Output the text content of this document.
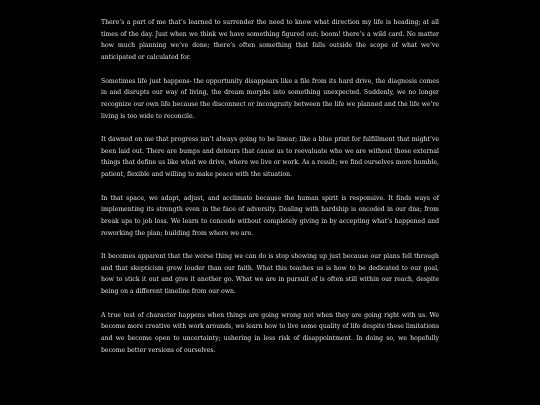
There’s a part of me that’s learned to surrender the need to know what direction my life is heading; at all times of the day. Just when we think we have something figured out; boom! there’s a wild card. No matter how much planning we’ve done; there’s often something that falls outside the scope of what we’ve anticipated or calculated for.

Sometimes life just happens- the opportunity disappears like a file from its hard drive, the diagnosis comes in and disrupts our way of living, the dream morphs into something unexpected. Suddenly, we no longer recognize our own life because the disconnect or incongruity between the life we planned and the life we’re living is too wide to reconcile.

It dawned on me that progress isn’t always going to be linear; like a blue print for fulfillment that might’ve been laid out. There are bumps and detours that cause us to reevaluate who we are without those external things that define us like what we drive, where we live or work. As a result; we find ourselves more humble, patient, flexible and willing to make peace with the situation.

In that space, we adapt, adjust, and acclimate because the human spirit is responsive. It finds ways of implementing its strength even in the face of adversity. Dealing with hardship is encoded in our dna; from break ups to job loss. We learn to concede without completely giving in by accepting what’s happened and reworking the plan; building from where we are.

It becomes apparent that the worse thing we can do is stop showing up just because our plans fell through and that skepticism grew louder than our faith. What this teaches us is how to be dedicated to our goal, how to stick it out and give it another go. What we are in pursuit of is often still within our reach, despite being on a different timeline from our own.

A true test of character happens when things are going wrong not when they are going right with us. We become more creative with work arounds, we learn how to live some quality of life despite these limitations and we become open to uncertainty; ushering in less risk of disappointment. In doing so, we hopefully become better versions of ourselves.
